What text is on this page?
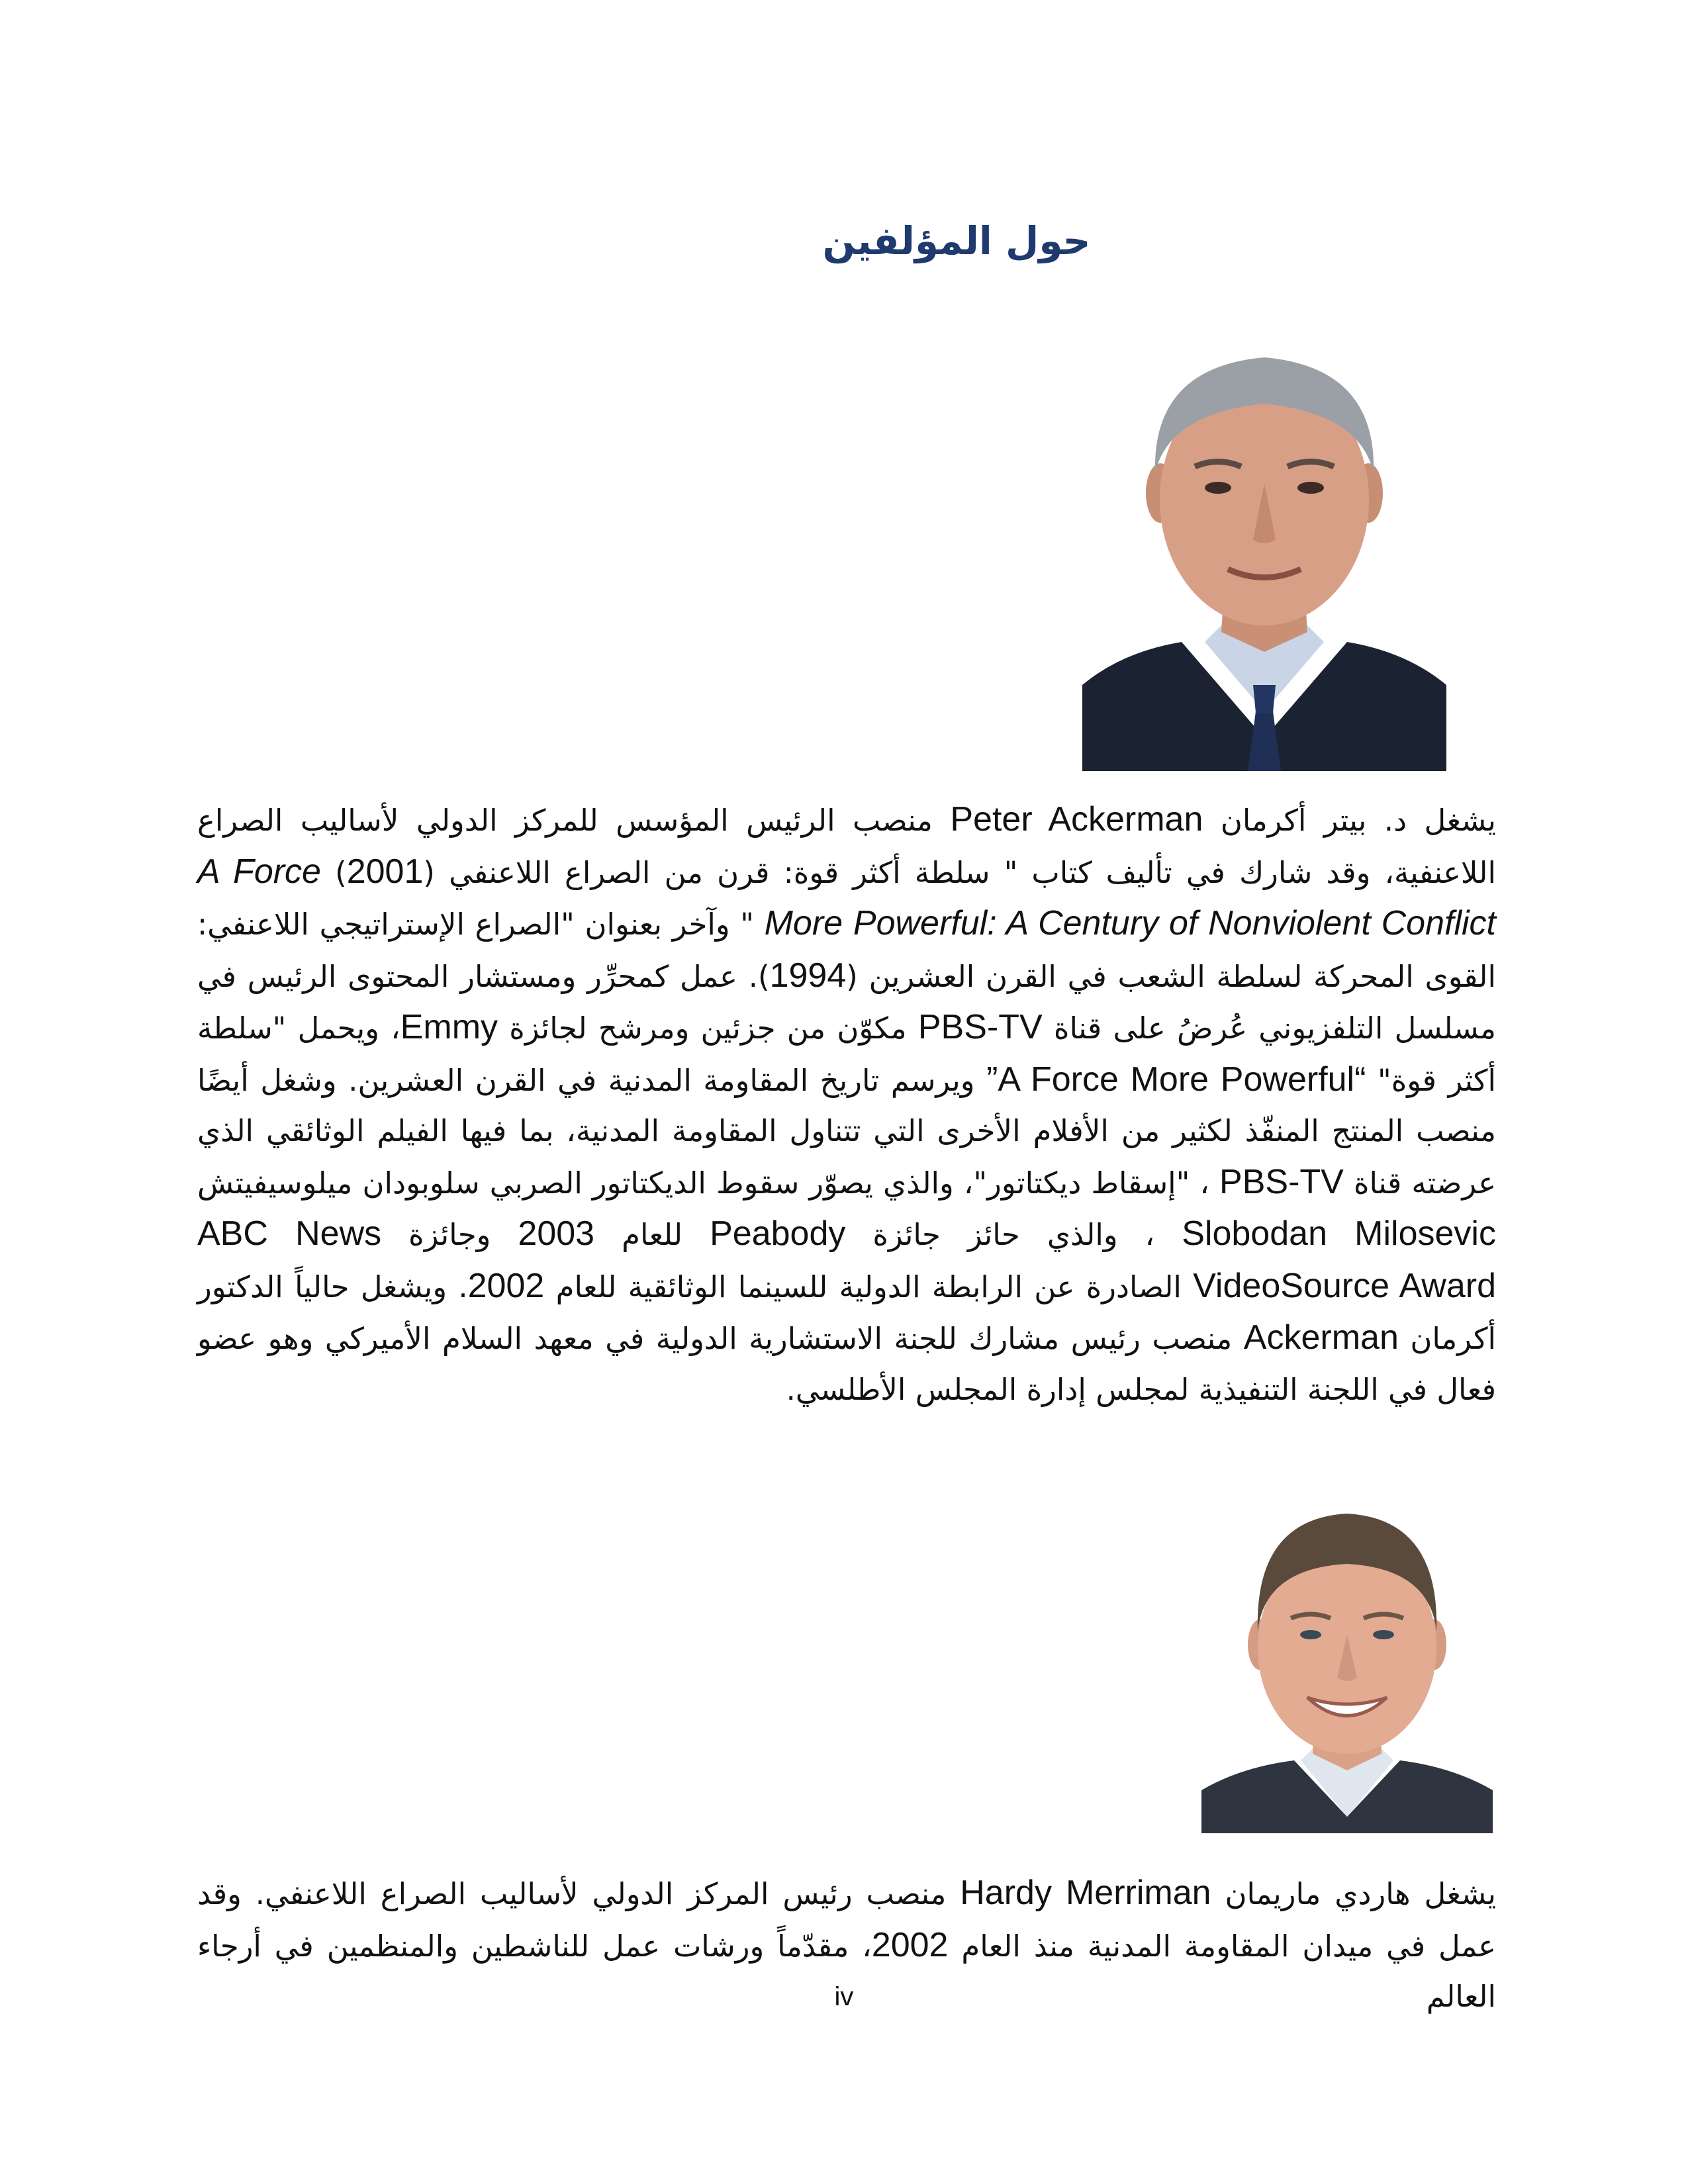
حول المؤلفين

يشغل د. بيتر أكرمان Peter Ackerman منصب الرئيس المؤسس للمركز الدولي لأساليب الصراع اللاعنفية، وقد شارك في تأليف كتاب " سلطة أكثر قوة: قرن من الصراع اللاعنفي (2001) A Force More Powerful: A Century of Nonviolent Conflict " وآخر بعنوان "الصراع الإستراتيجي اللاعنفي: القوى المحركة لسلطة الشعب في القرن العشرين (1994). عمل كمحرِّر ومستشار المحتوى الرئيس في مسلسل التلفزيوني عُرضُ على قناة PBS-TV مكوّن من جزئين ومرشح لجائزة Emmy، ويحمل "سلطة أكثر قوة" “A Force More Powerful” ويرسم تاريخ المقاومة المدنية في القرن العشرين. وشغل أيضًا منصب المنتج المنفّذ لكثير من الأفلام الأخرى التي تتناول المقاومة المدنية، بما فيها الفيلم الوثائقي الذي عرضته قناة PBS-TV ، "إسقاط ديكتاتور"، والذي يصوّر سقوط الديكتاتور الصربي سلوبودان ميلوسيفيتش Slobodan Milosevic ، والذي حائز جائزة Peabody للعام 2003 وجائزة ABC News VideoSource Award الصادرة عن الرابطة الدولية للسينما الوثائقية للعام 2002. ويشغل حالياً الدكتور أكرمان Ackerman منصب رئيس مشارك للجنة الاستشارية الدولية في معهد السلام الأميركي وهو عضو فعال في اللجنة التنفيذية لمجلس إدارة المجلس الأطلسي.

يشغل هاردي ماريمان Hardy Merriman منصب رئيس المركز الدولي لأساليب الصراع اللاعنفي. وقد عمل في ميدان المقاومة المدنية منذ العام 2002، مقدّماً ورشات عمل للناشطين والمنظمين في أرجاء العالم

iv
